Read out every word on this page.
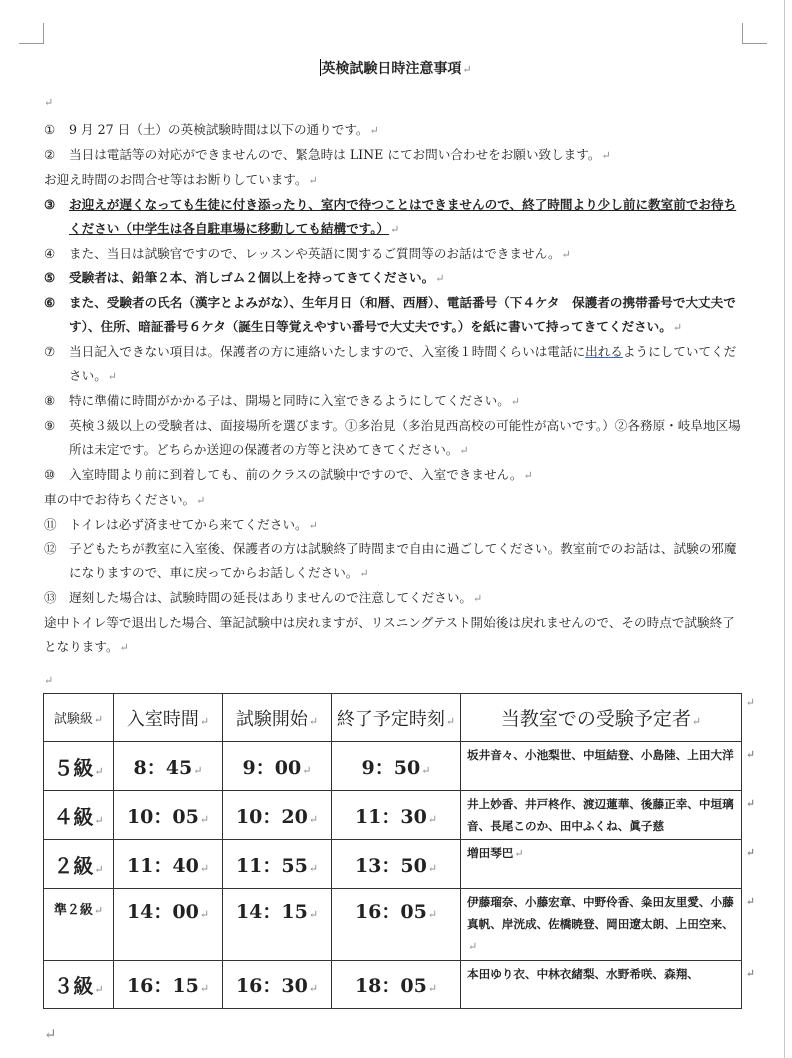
英検試験日時注意事項↵
↵
①	9 月 27 日（土）の英検試験時間は以下の通りです。↵
②	当日は電話等の対応ができませんので、緊急時は LINE にてお問い合わせをお願い致します。↵
お迎え時間のお問合せ等はお断りしています。↵
③	お迎えが遅くなっても生徒に付き添ったり、室内で待つことはできませんので、終了時間より少し前に教室前でお待ちください（中学生は各自駐車場に移動しても結構です。）↵
④	また、当日は試験官ですので、レッスンや英語に関するご質問等のお話はできません。↵
⑤	受験者は、鉛筆２本、消しゴム２個以上を持ってきてください。↵
⑥	また、受験者の氏名（漢字とよみがな）、生年月日（和暦、西暦）、電話番号（下４ケタ　保護者の携帯番号で大丈夫です）、住所、暗証番号６ケタ（誕生日等覚えやすい番号で大丈夫です。）を紙に書いて持ってきてください。↵
⑦	当日記入できない項目は。保護者の方に連絡いたしますので、入室後１時間くらいは電話に出れるようにしていてください。↵
⑧	特に準備に時間がかかる子は、開場と同時に入室できるようにしてください。↵
⑨	英検３級以上の受験者は、面接場所を選びます。①多治見（多治見西高校の可能性が高いです。）②各務原・岐阜地区場所は未定です。どちらか送迎の保護者の方等と決めてきてください。↵
⑩	入室時間より前に到着しても、前のクラスの試験中ですので、入室できません。↵
車の中でお待ちください。↵
⑪ トイレは必ず済ませてから来てください。↵
⑫ 子どもたちが教室に入室後、保護者の方は試験終了時間まで自由に過ごしてください。教室前でのお話は、試験の邪魔になりますので、車に戻ってからお話しください。↵
⑬ 遅刻した場合は、試験時間の延長はありませんので注意してください。↵
途中トイレ等で退出した場合、筆記試験中は戻れますが、リスニングテスト開始後は戻れませんので、その時点で試験終了となります。↵
↵
試験級↵	入室時間↵	試験開始↵	終了予定時刻↵	当教室での受験予定者↵
↵

５級↵	8：45↵	9：00↵	9：50↵	坂井音々、小池梨世、中垣結登、小島陸、上田大洋 ↵

４級↵	10：05↵	10：20↵	11：30↵	井上妙香、井戸柊作、渡辺蓮華、後藤正幸、中垣璃音、長尾このか、田中ふくね、眞子慈
↵

２級↵	11：40↵	11：55↵	13：50↵	増田琴巴↵ ↵

準２級↵	14：00↵	14：15↵	16：05↵	伊藤瑠奈、小藤宏章、中野伶香、粂田友里愛、小藤真帆、岸洸成、佐橋暁登、岡田遼太朗、上田空来、↵
↵

３級↵	16：15↵	16：30↵	18：05↵	本田ゆり衣、中林衣緒梨、水野希咲、森翔、 ↵
↵
